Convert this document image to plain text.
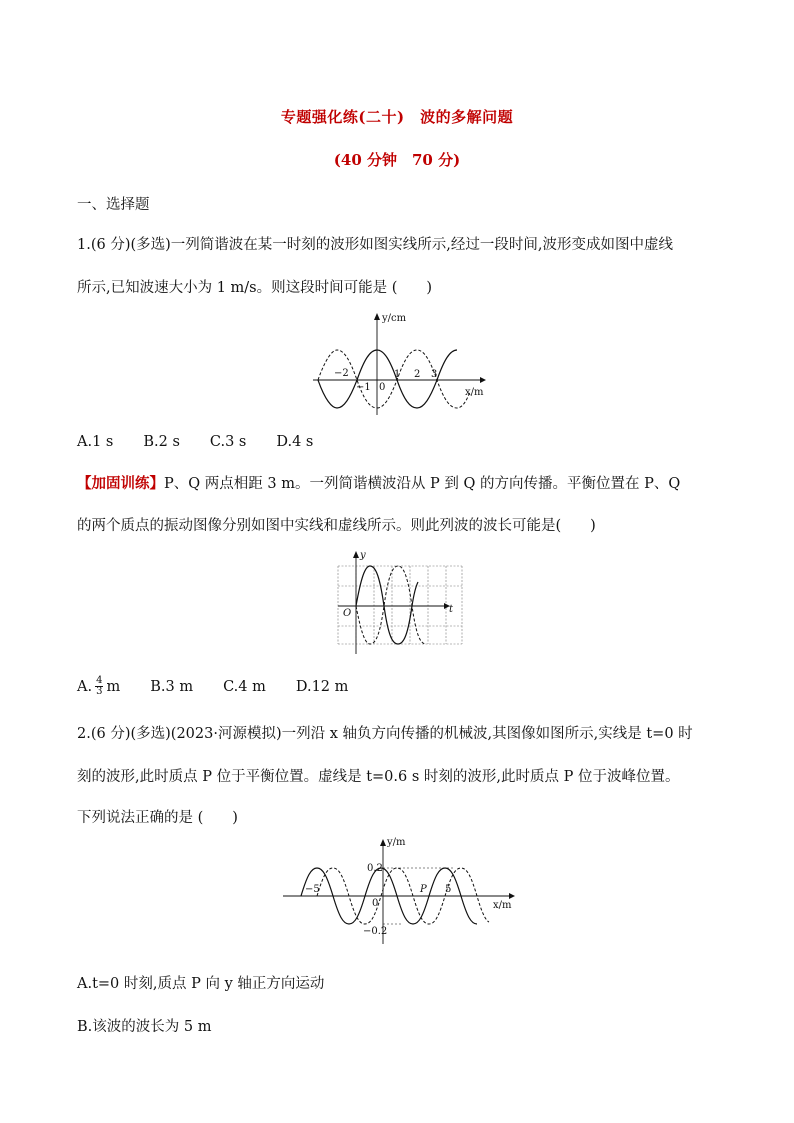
专题强化练(二十)　波的多解问题
(40 分钟　70 分)
一、选择题
1.(6 分)(多选)一列简谐波在某一时刻的波形如图实线所示,经过一段时间,波形变成如图中虚线
所示,已知波速大小为 1 m/s。则这段时间可能是 (　　)
y/cm
x/m
−2
−1 0
1 2 3
A.1 s B.2 s C.3 s D.4 s
【加固训练】P、Q 两点相距 3 m。一列简谐横波沿从 P 到 Q 的方向传播。平衡位置在 P、Q
的两个质点的振动图像分别如图中实线和虚线所示。则此列波的波长可能是(　　)
y
t
O
A. $\frac{4}{3}$ m B.3 m C.4 m D.12 m
2.(6 分)(多选)(2023·河源模拟)一列沿 x 轴负方向传播的机械波,其图像如图所示,实线是 t=0 时
刻的波形,此时质点 P 位于平衡位置。虚线是 t=0.6 s 时刻的波形,此时质点 P 位于波峰位置。
下列说法正确的是 (　　)
y/m
x/m
0.2
−0.2
−5
0
5
P
A.t=0 时刻,质点 P 向 y 轴正方向运动
B.该波的波长为 5 m
